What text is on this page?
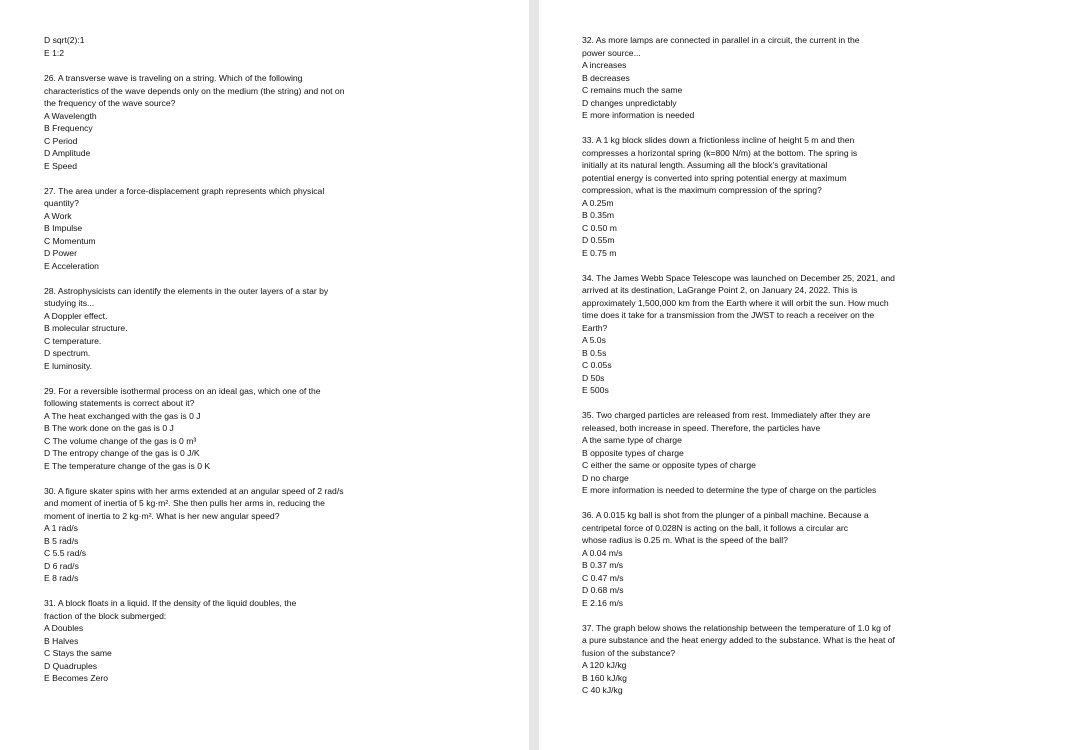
D sqrt(2):1
E 1:2
26. A transverse wave is traveling on a string. Which of the following
characteristics of the wave depends only on the medium (the string) and not on
the frequency of the wave source?
A Wavelength
B Frequency
C Period
D Amplitude
E Speed
27. The area under a force-displacement graph represents which physical
quantity?
A Work
B Impulse
C Momentum
D Power
E Acceleration
28. Astrophysicists can identify the elements in the outer layers of a star by
studying its...
A Doppler effect.
B molecular structure.
C temperature.
D spectrum.
E luminosity.
29. For a reversible isothermal process on an ideal gas, which one of the
following statements is correct about it?
A The heat exchanged with the gas is 0 J
B The work done on the gas is 0 J
C The volume change of the gas is 0 m³
D The entropy change of the gas is 0 J/K
E The temperature change of the gas is 0 K
30. A figure skater spins with her arms extended at an angular speed of 2 rad/s
and moment of inertia of 5 kg·m². She then pulls her arms in, reducing the
moment of inertia to 2 kg·m². What is her new angular speed?
A 1 rad/s
B 5 rad/s
C 5.5 rad/s
D 6 rad/s
E 8 rad/s
31. A block floats in a liquid. If the density of the liquid doubles, the
fraction of the block submerged:
A Doubles
B Halves
C Stays the same
D Quadruples
E Becomes Zero
32. As more lamps are connected in parallel in a circuit, the current in the
power source...
A increases
B decreases
C remains much the same
D changes unpredictably
E more information is needed
33. A 1 kg block slides down a frictionless incline of height 5 m and then
compresses a horizontal spring (k=800 N/m) at the bottom. The spring is
initially at its natural length. Assuming all the block's gravitational
potential energy is converted into spring potential energy at maximum
compression, what is the maximum compression of the spring?
A 0.25m
B 0.35m
C 0.50 m
D 0.55m
E 0.75 m
34. The James Webb Space Telescope was launched on December 25, 2021, and
arrived at its destination, LaGrange Point 2, on January 24, 2022. This is
approximately 1,500,000 km from the Earth where it will orbit the sun. How much
time does it take for a transmission from the JWST to reach a receiver on the
Earth?
A 5.0s
B 0.5s
C 0.05s
D 50s
E 500s
35. Two charged particles are released from rest. Immediately after they are
released, both increase in speed. Therefore, the particles have
A the same type of charge
B opposite types of charge
C either the same or opposite types of charge
D no charge
E more information is needed to determine the type of charge on the particles
36. A 0.015 kg ball is shot from the plunger of a pinball machine. Because a
centripetal force of 0.028N is acting on the ball, it follows a circular arc
whose radius is 0.25 m. What is the speed of the ball?
A 0.04 m/s
B 0.37 m/s
C 0.47 m/s
D 0.68 m/s
E 2.16 m/s
37. The graph below shows the relationship between the temperature of 1.0 kg of
a pure substance and the heat energy added to the substance. What is the heat of
fusion of the substance?
A 120 kJ/kg
B 160 kJ/kg
C 40 kJ/kg
